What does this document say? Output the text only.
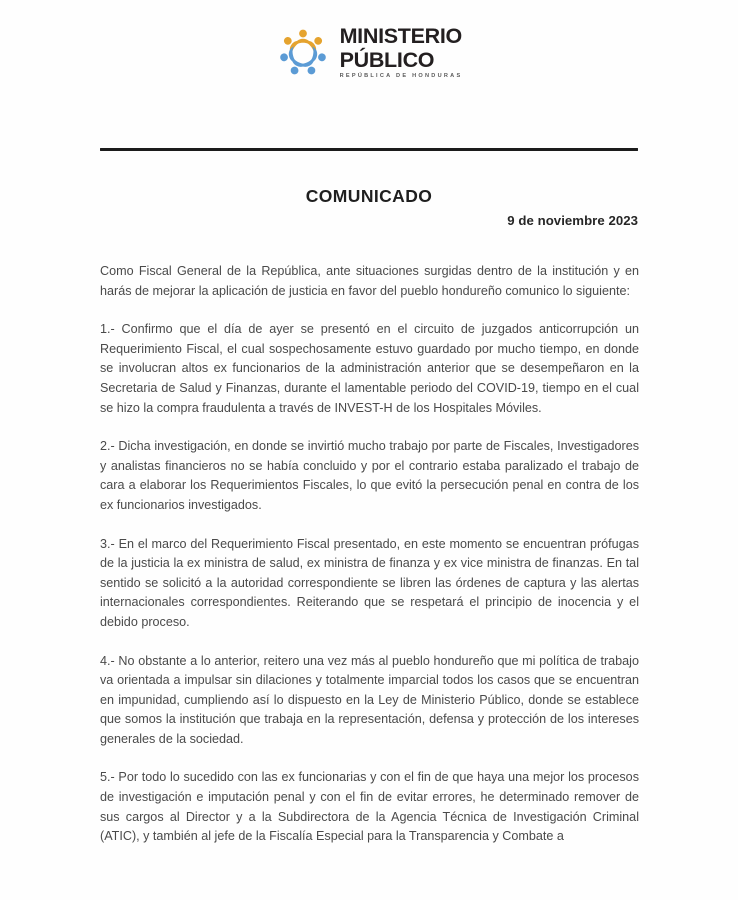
MINISTERIO
PÚBLICO
REPÚBLICA DE HONDURAS
COMUNICADO
9 de noviembre 2023

Como Fiscal General de la República, ante situaciones surgidas dentro de la institución y en harás de mejorar la aplicación de justicia en favor del pueblo hondureño comunico lo siguiente:

1.- Confirmo que el día de ayer se presentó en el circuito de juzgados anticorrupción un Requerimiento Fiscal, el cual sospechosamente estuvo guardado por mucho tiempo, en donde se involucran altos ex funcionarios de la administración anterior que se desempeñaron en la Secretaria de Salud y Finanzas, durante el lamentable periodo del COVID-19, tiempo en el cual se hizo la compra fraudulenta a través de INVEST-H de los Hospitales Móviles.

2.- Dicha investigación, en donde se invirtió mucho trabajo por parte de Fiscales, Investigadores y analistas financieros no se había concluido y por el contrario estaba paralizado el trabajo de cara a elaborar los Requerimientos Fiscales, lo que evitó la persecución penal en contra de los ex funcionarios investigados.

3.- En el marco del Requerimiento Fiscal presentado, en este momento se encuentran prófugas de la justicia la ex ministra de salud, ex ministra de finanza y ex vice ministra de finanzas. En tal sentido se solicitó a la autoridad correspondiente se libren las órdenes de captura y las alertas internacionales correspondientes. Reiterando que se respetará el principio de inocencia y el debido proceso.

4.- No obstante a lo anterior, reitero una vez más al pueblo hondureño que mi política de trabajo va orientada a impulsar sin dilaciones y totalmente imparcial todos los casos que se encuentran en impunidad, cumpliendo así lo dispuesto en la Ley de Ministerio Público, donde se establece que somos la institución que trabaja en la representación, defensa y protección de los intereses generales de la sociedad.

5.- Por todo lo sucedido con las ex funcionarias y con el fin de que haya una mejor los procesos de investigación e imputación penal y con el fin de evitar errores, he determinado remover de sus cargos al Director y a la Subdirectora de la Agencia Técnica de Investigación Criminal (ATIC), y también al jefe de la Fiscalía Especial para la Transparencia y Combate a
